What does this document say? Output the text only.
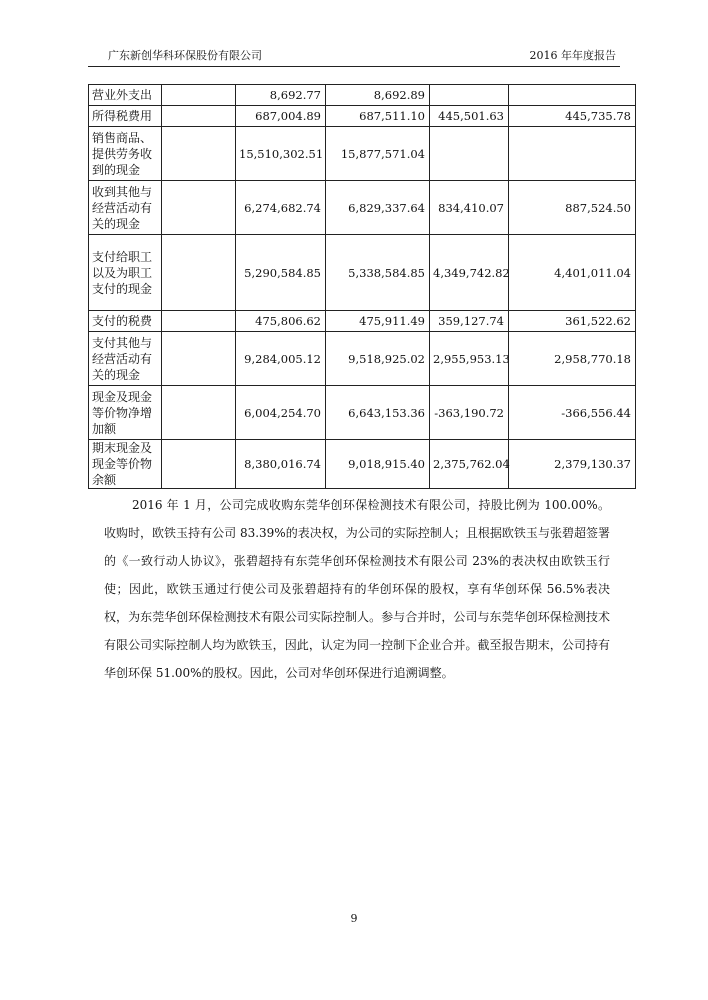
广东新创华科环保股份有限公司	2016 年年度报告
营业外支出		8,692.77	8,692.89		
所得税费用		687,004.89	687,511.10	445,501.63	445,735.78
销售商品、提供劳务收到的现金		15,510,302.51	15,877,571.04		
收到其他与经营活动有关的现金		6,274,682.74	6,829,337.64	834,410.07	887,524.50
支付给职工以及为职工支付的现金		5,290,584.85	5,338,584.85	4,349,742.82	4,401,011.04
支付的税费		475,806.62	475,911.49	359,127.74	361,522.62
支付其他与经营活动有关的现金		9,284,005.12	9,518,925.02	2,955,953.13	2,958,770.18
现金及现金等价物净增加额		6,004,254.70	6,643,153.36	-363,190.72	-366,556.44
期末现金及现金等价物余额		8,380,016.74	9,018,915.40	2,375,762.04	2,379,130.37

2016 年 1 月，公司完成收购东莞华创环保检测技术有限公司，持股比例为 100.00%。收购时，欧铁玉持有公司 83.39%的表决权，为公司的实际控制人；且根据欧铁玉与张碧超签署的《一致行动人协议》，张碧超持有东莞华创环保检测技术有限公司 23%的表决权由欧铁玉行使；因此，欧铁玉通过行使公司及张碧超持有的华创环保的股权，享有华创环保 56.5%表决权，为东莞华创环保检测技术有限公司实际控制人。参与合并时，公司与东莞华创环保检测技术有限公司实际控制人均为欧铁玉，因此，认定为同一控制下企业合并。截至报告期末，公司持有华创环保 51.00%的股权。因此，公司对华创环保进行追溯调整。

9
